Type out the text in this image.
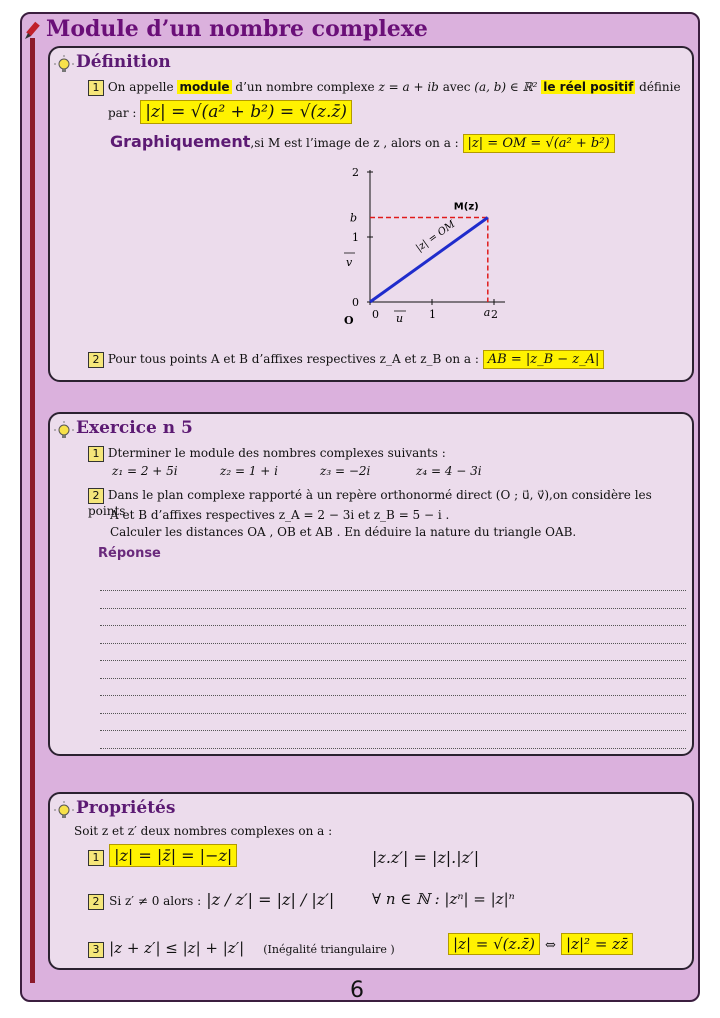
Module d’un nombre complexe
Définition
1 On appelle module d’un nombre complexe z = a + ib avec (a, b) ∈ ℝ² le réel positif définie
par : |z| = √(a² + b²) = √(z.z̄)
Graphiquement,si M est l’image de z , alors on a : |z| = OM = √(a² + b²)
0	1	2
0
1
2
|z| = OM
M(z)
a
b
O	u
v
2 Pour tous points A et B d’affixes respectives z_A et z_B on a : AB = |z_B − z_A|
Exercice n 5
1 Dterminer le module des nombres complexes suivants :
z₁ = 2 + 5i	z₂ = 1 + i	z₃ = −2i	z₄ = 4 − 3i
2 Dans le plan complexe rapporté à un repère orthonormé direct (O ; u⃗, v⃗),on considère les points
A et B d’affixes respectives z_A = 2 − 3i et z_B = 5 − i .
Calculer les distances OA , OB et AB . En déduire la nature du triangle OAB.
Réponse
Propriétés
Soit z et z′ deux nombres complexes on a :
1 |z| = |z̄| = |−z|	|z.z′| = |z|.|z′|
2 Si z′ ≠ 0 alors : |z / z′| = |z| / |z′|	∀ n ∈ ℕ : |zⁿ| = |z|ⁿ
3 |z + z′| ≤ |z| + |z′| (Inégalité triangulaire )	|z| = √(z.z̄) ⇔ |z|² = zz̄
6
